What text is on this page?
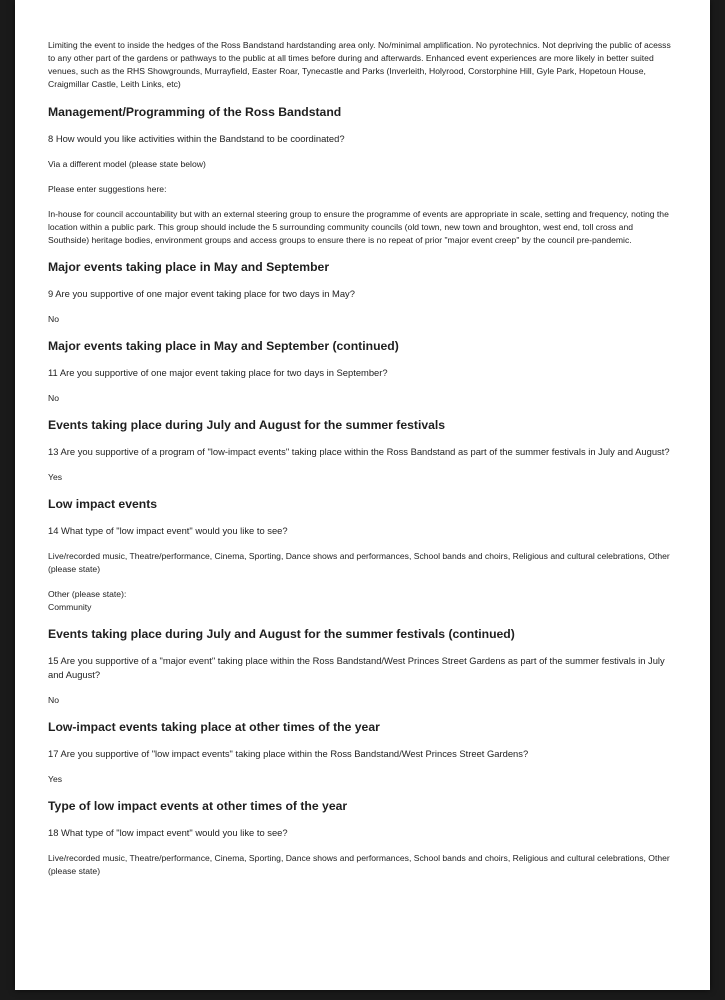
Limiting the event to inside the hedges of the Ross Bandstand hardstanding area only. No/minimal amplification. No pyrotechnics. Not depriving the public of acesss to any other part of the gardens or pathways to the public at all times before during and afterwards. Enhanced event experiences are more likely in better suited venues, such as the RHS Showgrounds, Murrayfield, Easter Roar, Tynecastle and Parks (Inverleith, Holyrood, Corstorphine Hill, Gyle Park, Hopetoun House, Craigmillar Castle, Leith Links, etc)

Management/Programming of the Ross Bandstand

8 How would you like activities within the Bandstand to be coordinated?

Via a different model (please state below)

Please enter suggestions here:

In-house for council accountability but with an external steering group to ensure the programme of events are appropriate in scale, setting and frequency, noting the location within a public park. This group should include the 5 surrounding community councils (old town, new town and broughton, west end, toll cross and Southside) heritage bodies, environment groups and access groups to ensure there is no repeat of prior "major event creep" by the council pre-pandemic.

Major events taking place in May and September

9 Are you supportive of one major event taking place for two days in May?

No

Major events taking place in May and September (continued)

11 Are you supportive of one major event taking place for two days in September?

No

Events taking place during July and August for the summer festivals

13 Are you supportive of a program of "low-impact events" taking place within the Ross Bandstand as part of the summer festivals in July and August?

Yes

Low impact events

14 What type of "low impact event" would you like to see?

Live/recorded music, Theatre/performance, Cinema, Sporting, Dance shows and performances, School bands and choirs, Religious and cultural celebrations, Other (please state)

Other (please state):

Community

Events taking place during July and August for the summer festivals (continued)

15 Are you supportive of a "major event" taking place within the Ross Bandstand/West Princes Street Gardens as part of the summer festivals in July and August?

No

Low-impact events taking place at other times of the year

17 Are you supportive of "low impact events" taking place within the Ross Bandstand/West Princes Street Gardens?

Yes

Type of low impact events at other times of the year

18 What type of "low impact event" would you like to see?

Live/recorded music, Theatre/performance, Cinema, Sporting, Dance shows and performances, School bands and choirs, Religious and cultural celebrations, Other (please state)
